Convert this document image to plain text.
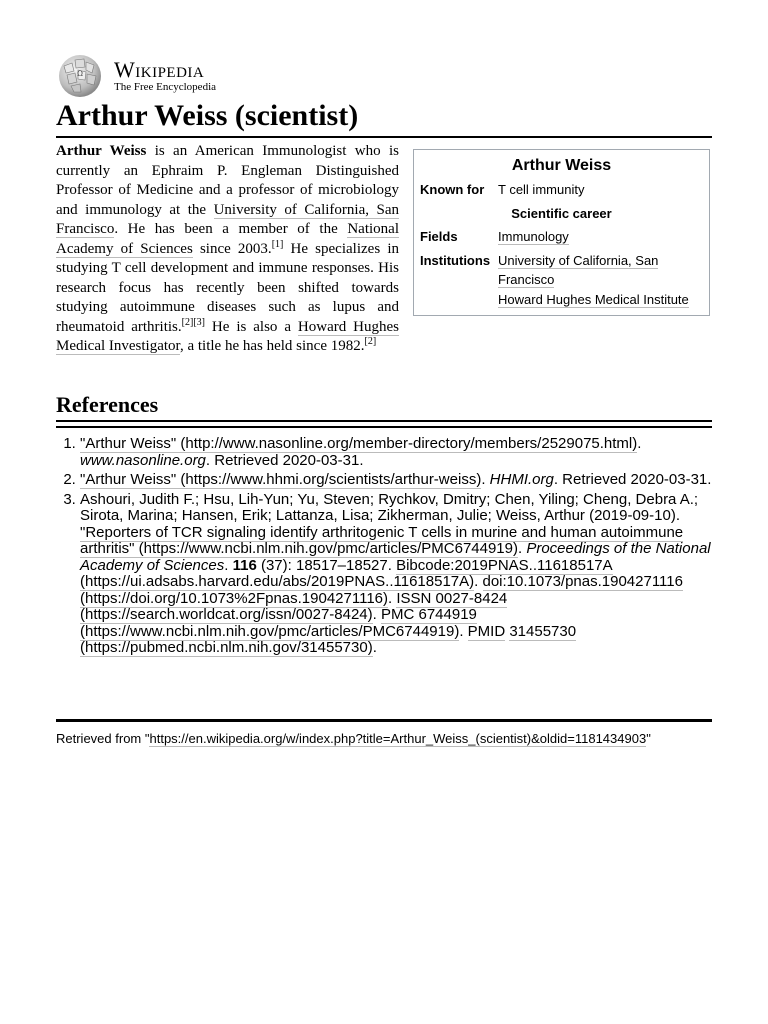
Ω Wikipedia
The Free Encyclopedia
Arthur Weiss (scientist)

Arthur Weiss is an American Immunologist who is currently an Ephraim P. Engleman Distinguished Professor of Medicine and a professor of microbiology and immunology at the University of California, San Francisco. He has been a member of the National Academy of Sciences since 2003.[1] He specializes in studying T cell development and immune responses. His research focus has recently been shifted towards studying autoimmune diseases such as lupus and rheumatoid arthritis.[2][3] He is also a Howard Hughes Medical Investigator, a title he has held since 1982.[2]

Arthur Weiss
Known for	T cell immunity
Scientific career
Fields	Immunology
Institutions University of California, San Francisco
Howard Hughes Medical Institute
References
1. "Arthur Weiss" (http://www.nasonline.org/member-directory/members/2529075.html). www.nasonline.org. Retrieved 2020-03-31.
2. "Arthur Weiss" (https://www.hhmi.org/scientists/arthur-weiss). HHMI.org. Retrieved 2020-03-31.
3. Ashouri, Judith F.; Hsu, Lih-Yun; Yu, Steven; Rychkov, Dmitry; Chen, Yiling; Cheng, Debra A.; Sirota, Marina; Hansen, Erik; Lattanza, Lisa; Zikherman, Julie; Weiss, Arthur (2019-09-10). "Reporters of TCR signaling identify arthritogenic T cells in murine and human autoimmune arthritis" (https://www.ncbi.nlm.nih.gov/pmc/articles/PMC6744919). Proceedings of the National Academy of Sciences. 116 (37): 18517–18527. Bibcode:2019PNAS..11618517A (https://ui.adsabs.harvard.edu/abs/2019PNAS..11618517A). doi:10.1073/pnas.1904271116 (https://doi.org/10.1073%2Fpnas.1904271116). ISSN 0027-8424 (https://search.worldcat.org/issn/0027-8424). PMC 6744919 (https://www.ncbi.nlm.nih.gov/pmc/articles/PMC6744919). PMID 31455730 (https://pubmed.ncbi.nlm.nih.gov/31455730).
Retrieved from "https://en.wikipedia.org/w/index.php?title=Arthur_Weiss_(scientist)&oldid=1181434903"
